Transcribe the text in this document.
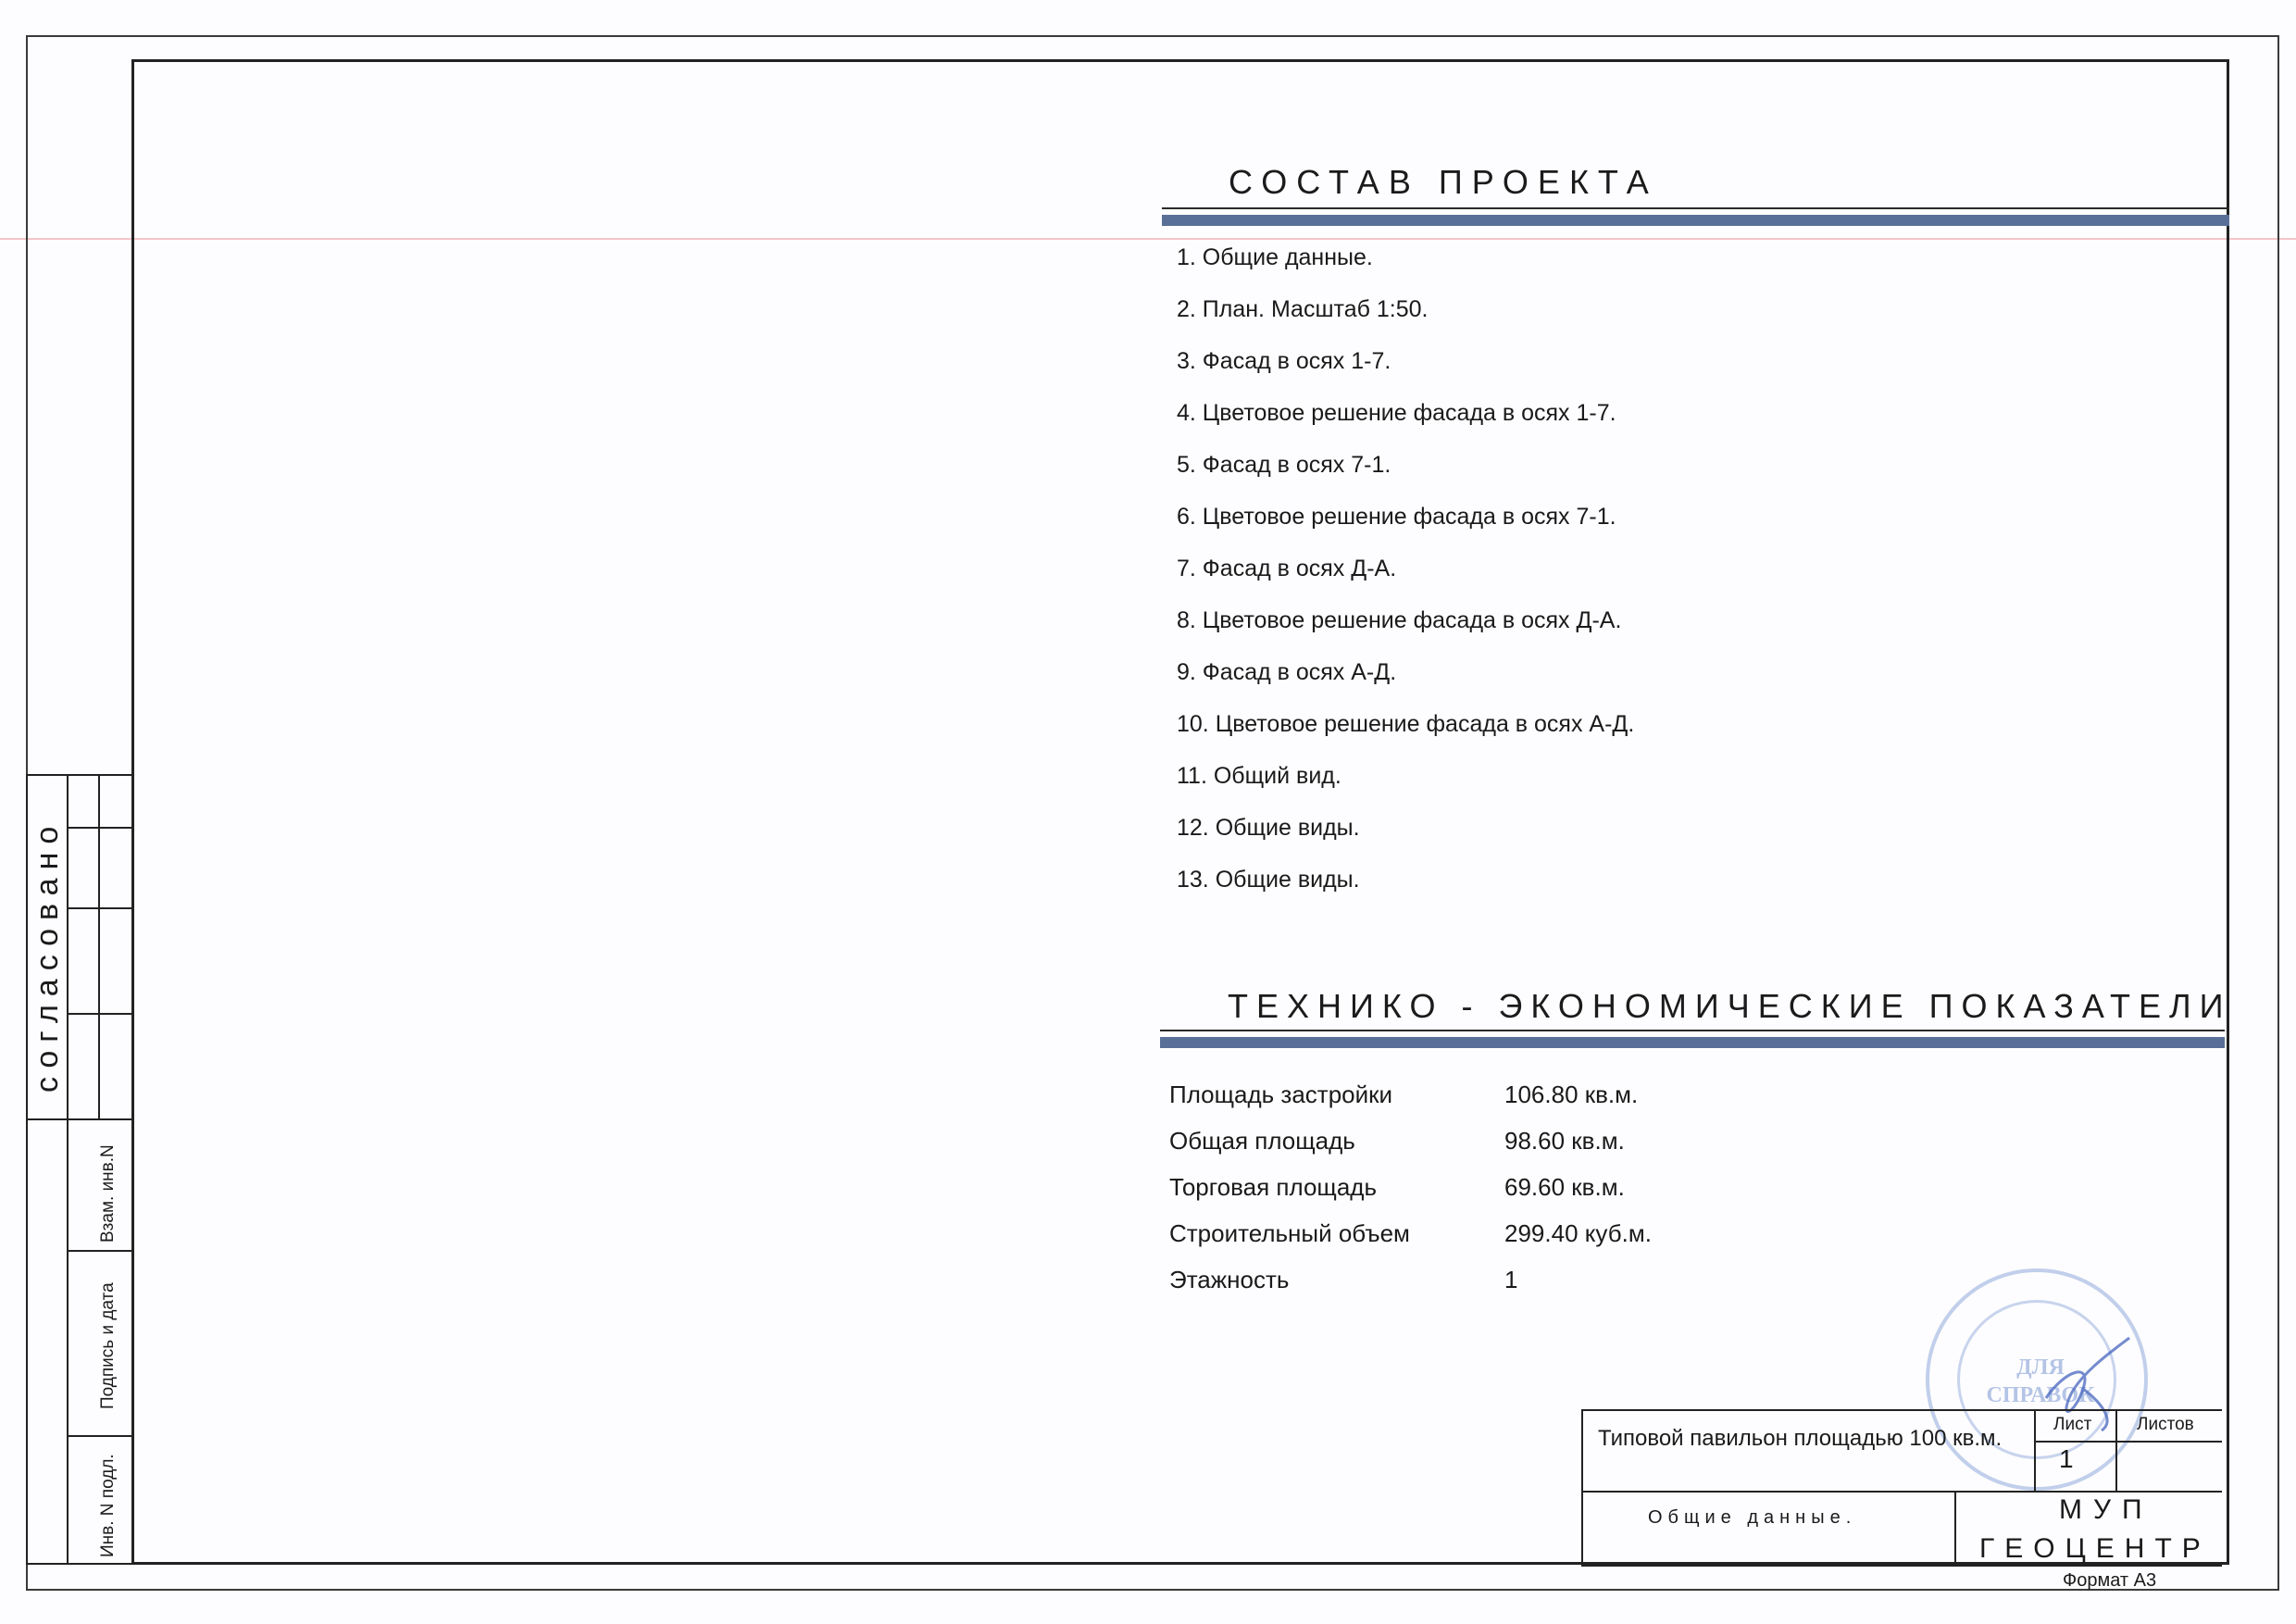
согласовано
Взам. инв.N
Подпись и дата
Инв. N подл.
СОСТАВ ПРОЕКТА
1. Общие данные.
2. План. Масштаб 1:50.
3. Фасад в осях 1-7.
4. Цветовое решение фасада в осях 1-7.
5. Фасад в осях 7-1.
6. Цветовое решение фасада в осях 7-1.
7. Фасад в осях Д-А.
8. Цветовое решение фасада в осях Д-А.
9. Фасад в осях А-Д.
10. Цветовое решение фасада в осях А-Д.
11. Общий вид.
12. Общие виды.
13. Общие виды.
ТЕХНИКО - ЭКОНОМИЧЕСКИЕ ПОКАЗАТЕЛИ
Площадь застройки	106.80 кв.м.
Общая площадь	98.60 кв.м.
Торговая площадь	69.60 кв.м.
Строительный объем	299.40 куб.м.
Этажность	1
ДЛЯ СПРАВОК
Типовой павильон площадью 100 кв.м.
Лист	Листов
1
Общие данные.	МУП
ГЕОЦЕНТР
Формат А3
